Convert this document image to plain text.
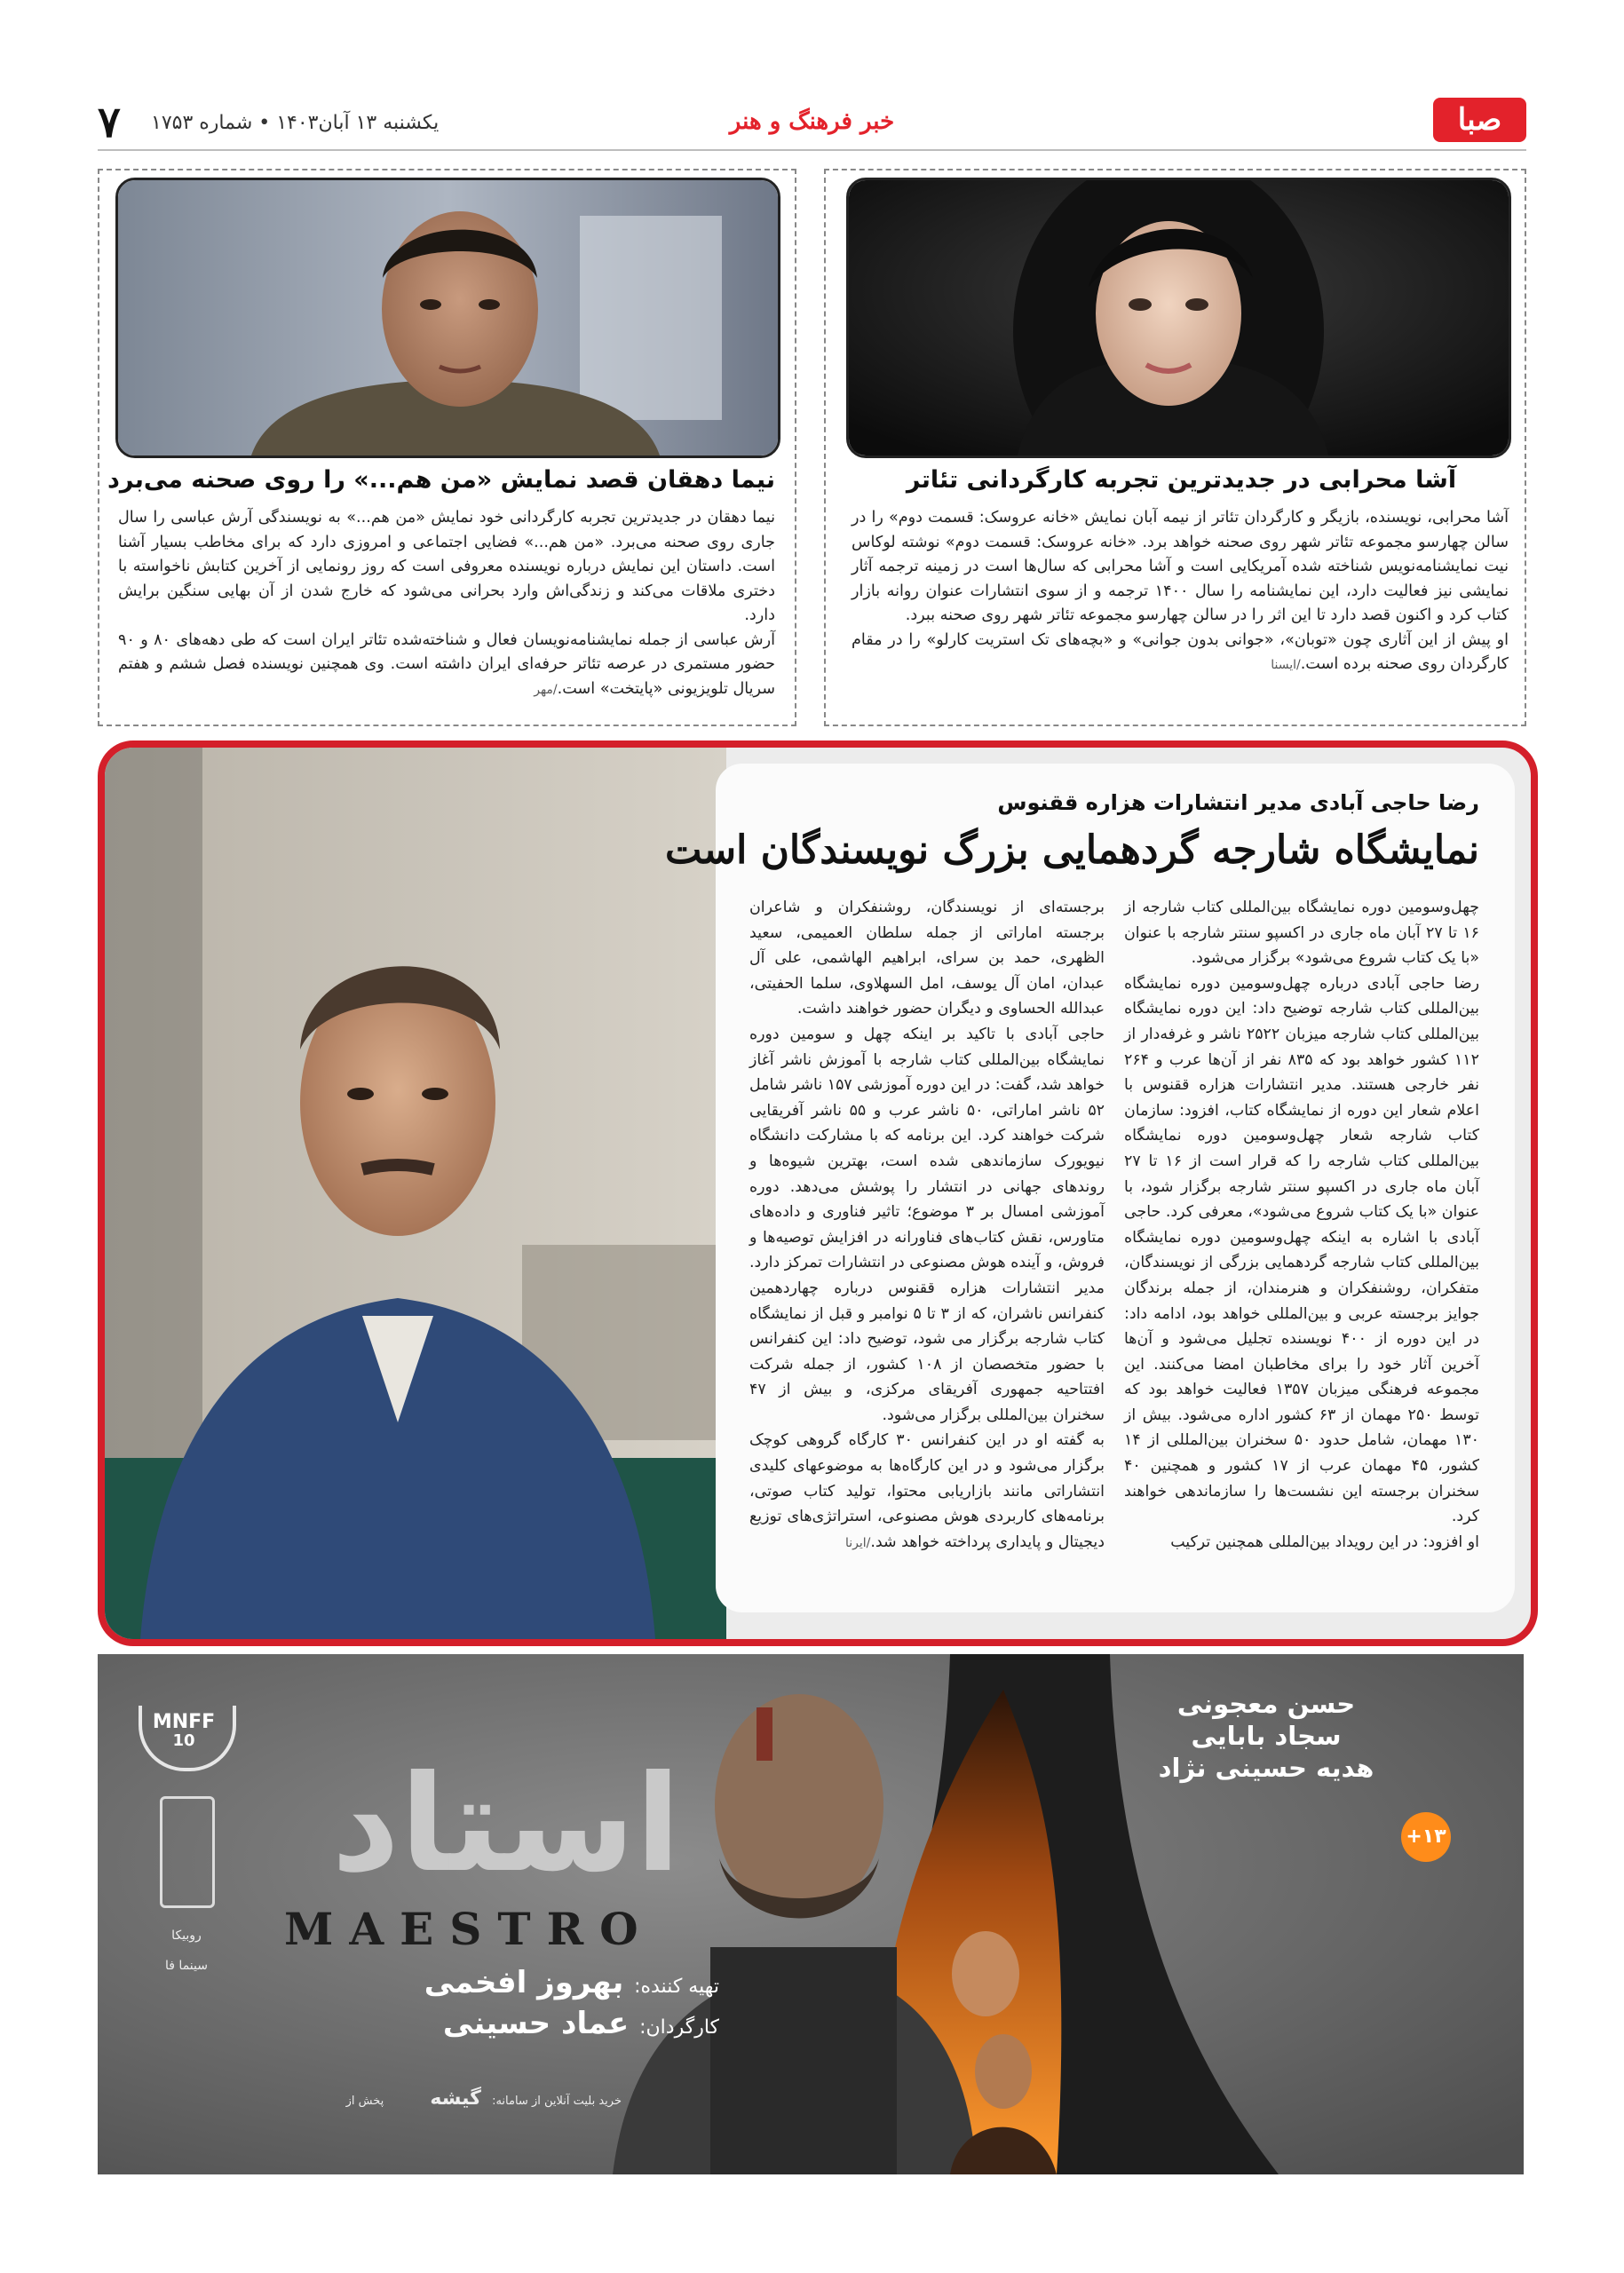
صبا
خبر فرهنگ و هنر
یکشنبه ۱۳ آبان۱۴۰۳ • شماره ۱۷۵۳
۷
آشا محرابی در جدیدترین تجربه کارگردانی تئاتر
آشا محرابی، نویسنده، بازیگر و کارگردان تئاتر از نیمه آبان نمایش «خانه عروسک: قسمت دوم» را در سالن چهارسو مجموعه تئاتر شهر روی صحنه خواهد برد. «خانه عروسک: قسمت دوم» نوشته لوکاس نیت نمایشنامه‌نویس شناخته شده آمریکایی است و آشا محرابی که سال‌ها است در زمینه ترجمه آثار نمایشی نیز فعالیت دارد، این نمایشنامه را سال ۱۴۰۰ ترجمه و از سوی انتشارات عنوان روانه بازار کتاب کرد و اکنون قصد دارد تا این اثر را در سالن چهارسو مجموعه تئاتر شهر روی صحنه ببرد.
او پیش از این آثاری چون «توبان»، «جوانی بدون جوانی» و «بچه‌های تک استریت کارلو» را در مقام کارگردان روی صحنه برده است./ایسنا
نیما دهقان قصد نمایش «من هم...» را روی صحنه می‌برد
نیما دهقان در جدیدترین تجربه کارگردانی خود نمایش «من هم...» به نویسندگی آرش عباسی را سال جاری روی صحنه می‌برد. «من هم...» فضایی اجتماعی و امروزی دارد که برای مخاطب بسیار آشنا است. داستان این نمایش درباره نویسنده معروفی است که روز رونمایی از آخرین کتابش ناخواسته با دختری ملاقات می‌کند و زندگی‌اش وارد بحرانی می‌شود که خارج شدن از آن بهایی سنگین برایش دارد.
آرش عباسی از جمله نمایشنامه‌نویسان فعال و شناخته‌شده تئاتر ایران است که طی دهه‌های ۸۰ و ۹۰ حضور مستمری در عرصه تئاتر حرفه‌ای ایران داشته است. وی همچنین نویسنده فصل ششم و هفتم سریال تلویزیونی «پایتخت» است./مهر
رضا حاجی آبادی مدیر انتشارات هزاره ققنوس
نمایشگاه شارجه گردهمایی بزرگ نویسندگان است
چهل‌وسومین دوره نمایشگاه بین‌المللی کتاب شارجه از ۱۶ تا ۲۷ آبان ماه جاری در اکسپو سنتر شارجه با عنوان «با یک کتاب شروع می‌شود» برگزار می‌شود.
رضا حاجی آبادی درباره چهل‌وسومین دوره نمایشگاه بین‌المللی کتاب شارجه توضیح داد: این دوره نمایشگاه بین‌المللی کتاب شارجه میزبان ۲۵۲۲ ناشر و غرفه‌دار از ۱۱۲ کشور خواهد بود که ۸۳۵ نفر از آن‌ها عرب و ۲۶۴ نفر خارجی هستند. مدیر انتشارات هزاره ققنوس با اعلام شعار این دوره از نمایشگاه کتاب، افزود: سازمان کتاب شارجه شعار چهل‌وسومین دوره نمایشگاه بین‌المللی کتاب شارجه را که قرار است از ۱۶ تا ۲۷ آبان ماه جاری در اکسپو سنتر شارجه برگزار شود، با عنوان «با یک کتاب شروع می‌شود»، معرفی کرد. حاجی آبادی با اشاره به اینکه چهل‌وسومین دوره نمایشگاه بین‌المللی کتاب شارجه گردهمایی بزرگی از نویسندگان، متفکران، روشنفکران و هنرمندان، از جمله برندگان جوایز برجسته عربی و بین‌المللی خواهد بود، ادامه داد: در این دوره از ۴۰۰ نویسنده تجلیل می‌شود و آن‌ها آخرین آثار خود را برای مخاطبان امضا می‌کنند. این مجموعه فرهنگی میزبان ۱۳۵۷ فعالیت خواهد بود که توسط ۲۵۰ مهمان از ۶۳ کشور اداره می‌شود. بیش از ۱۳۰ مهمان، شامل حدود ۵۰ سخنران بین‌المللی از ۱۴ کشور، ۴۵ مهمان عرب از ۱۷ کشور و همچنین ۴۰ سخنران برجسته این نشست‌ها را سازماندهی خواهند کرد.
او افزود: در این رویداد بین‌المللی همچنین ترکیب
برجسته‌ای از نویسندگان، روشنفکران و شاعران برجسته اماراتی از جمله سلطان العمیمی، سعید الظهری، حمد بن سرای، ابراهیم الهاشمی، علی آل عبدان، امان آل یوسف، امل السهلاوی، سلما الحفیتی، عبدالله الحساوی و دیگران حضور خواهند داشت.
حاجی آبادی با تاکید بر اینکه چهل و سومین دوره نمایشگاه بین‌المللی کتاب شارجه با آموزش ناشر آغاز خواهد شد، گفت: در این دوره آموزشی ۱۵۷ ناشر شامل ۵۲ ناشر اماراتی، ۵۰ ناشر عرب و ۵۵ ناشر آفریقایی شرکت خواهند کرد. این برنامه که با مشارکت دانشگاه نیویورک سازماندهی شده است، بهترین شیوه‌ها و روندهای جهانی در انتشار را پوشش می‌دهد. دوره آموزشی امسال بر ۳ موضوع؛ تاثیر فناوری و داده‌های متاورس، نقش کتاب‌های فناورانه در افزایش توصیه‌ها و فروش، و آینده هوش مصنوعی در انتشارات تمرکز دارد. مدیر انتشارات هزاره ققنوس درباره چهاردهمین کنفرانس ناشران، که از ۳ تا ۵ نوامبر و قبل از نمایشگاه کتاب شارجه برگزار می شود، توضیح داد: این کنفرانس با حضور متخصصان از ۱۰۸ کشور، از جمله شرکت افتتاحیه جمهوری آفریقای مرکزی، و بیش از ۴۷ سخنران بین‌المللی برگزار می‌شود.
به گفته او در این کنفرانس ۳۰ کارگاه گروهی کوچک برگزار می‌شود و در این کارگاه‌ها به موضوعهای کلیدی انتشاراتی مانند بازاریابی محتوا، تولید کتاب صوتی، برنامه‌های کاربردی هوش مصنوعی، استراتژی‌های توزیع دیجیتال و پایداری پرداخته خواهد شد./ایرنا
حسن معجونی
سجاد بابایی
هدیه حسینی نژاد
+۱۳
MNFF
10
روبیکا
سینما فا
استاد
MAESTRO
تهیه کننده: بهروز افخمی
کارگردان: عماد حسینی
خرید بلیت آنلاین از سامانه: گیشه پخش از
